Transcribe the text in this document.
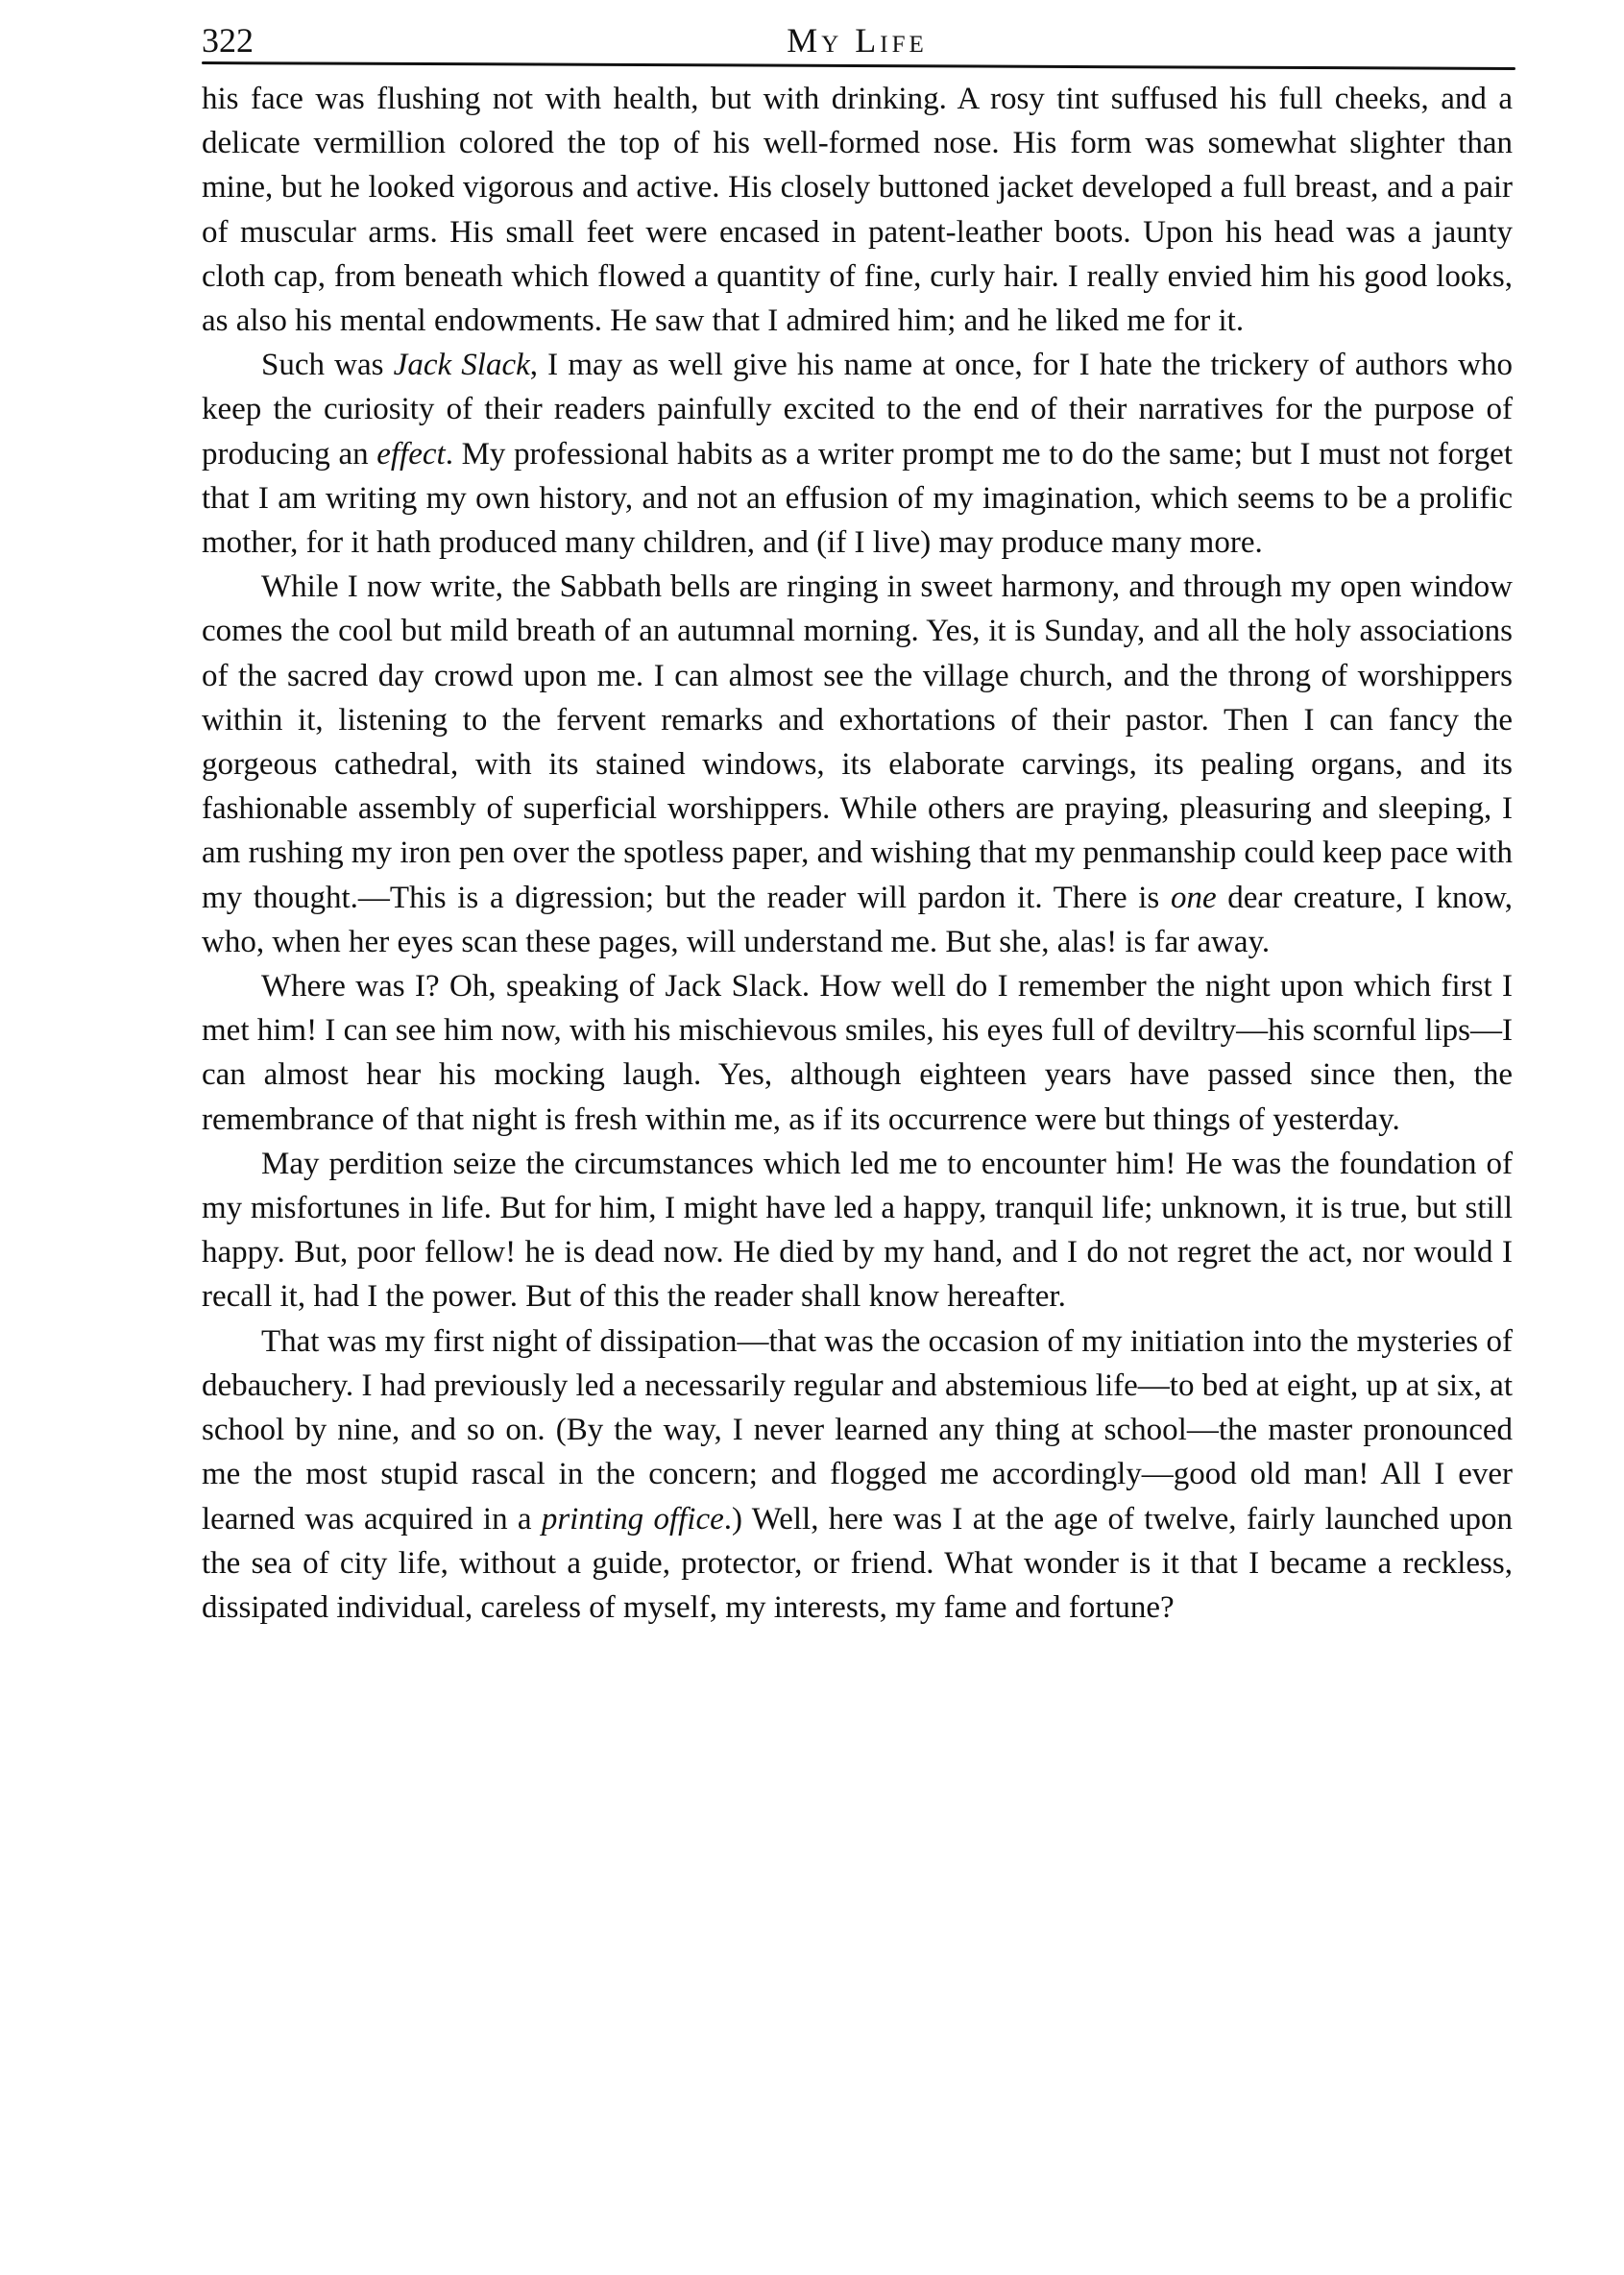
322	My Life

his face was flushing not with health, but with drinking. A rosy tint suffused his full cheeks, and a delicate vermillion colored the top of his well-formed nose. His form was somewhat slighter than mine, but he looked vigorous and active. His closely buttoned jacket developed a full breast, and a pair of muscular arms. His small feet were encased in patent-leather boots. Upon his head was a jaunty cloth cap, from beneath which flowed a quantity of fine, curly hair. I really envied him his good looks, as also his mental endowments. He saw that I admired him; and he liked me for it.

Such was Jack Slack, I may as well give his name at once, for I hate the trickery of authors who keep the curiosity of their readers painfully excited to the end of their narratives for the purpose of producing an effect. My professional habits as a writer prompt me to do the same; but I must not forget that I am writing my own history, and not an effusion of my imagination, which seems to be a prolific mother, for it hath produced many children, and (if I live) may produce many more.

While I now write, the Sabbath bells are ringing in sweet harmony, and through my open window comes the cool but mild breath of an autumnal morning. Yes, it is Sunday, and all the holy associations of the sacred day crowd upon me. I can almost see the village church, and the throng of worshippers within it, listening to the fervent remarks and exhortations of their pastor. Then I can fancy the gorgeous cathedral, with its stained windows, its elaborate carvings, its pealing organs, and its fashionable assembly of superficial worshippers. While others are praying, pleasuring and sleeping, I am rushing my iron pen over the spotless paper, and wishing that my penmanship could keep pace with my thought.—This is a digression; but the reader will pardon it. There is one dear creature, I know, who, when her eyes scan these pages, will understand me. But she, alas! is far away.

Where was I? Oh, speaking of Jack Slack. How well do I remember the night upon which first I met him! I can see him now, with his mischievous smiles, his eyes full of deviltry—his scornful lips—I can almost hear his mocking laugh. Yes, although eighteen years have passed since then, the remembrance of that night is fresh within me, as if its occurrence were but things of yesterday.

May perdition seize the circumstances which led me to encounter him! He was the foundation of my misfortunes in life. But for him, I might have led a happy, tranquil life; unknown, it is true, but still happy. But, poor fellow! he is dead now. He died by my hand, and I do not regret the act, nor would I recall it, had I the power. But of this the reader shall know hereafter.

That was my first night of dissipation—that was the occasion of my initiation into the mysteries of debauchery. I had previously led a necessarily regular and abstemious life—to bed at eight, up at six, at school by nine, and so on. (By the way, I never learned any thing at school—the master pronounced me the most stupid rascal in the concern; and flogged me accordingly—good old man! All I ever learned was acquired in a printing office.) Well, here was I at the age of twelve, fairly launched upon the sea of city life, without a guide, protector, or friend. What wonder is it that I became a reckless, dissipated individual, careless of myself, my interests, my fame and fortune?
